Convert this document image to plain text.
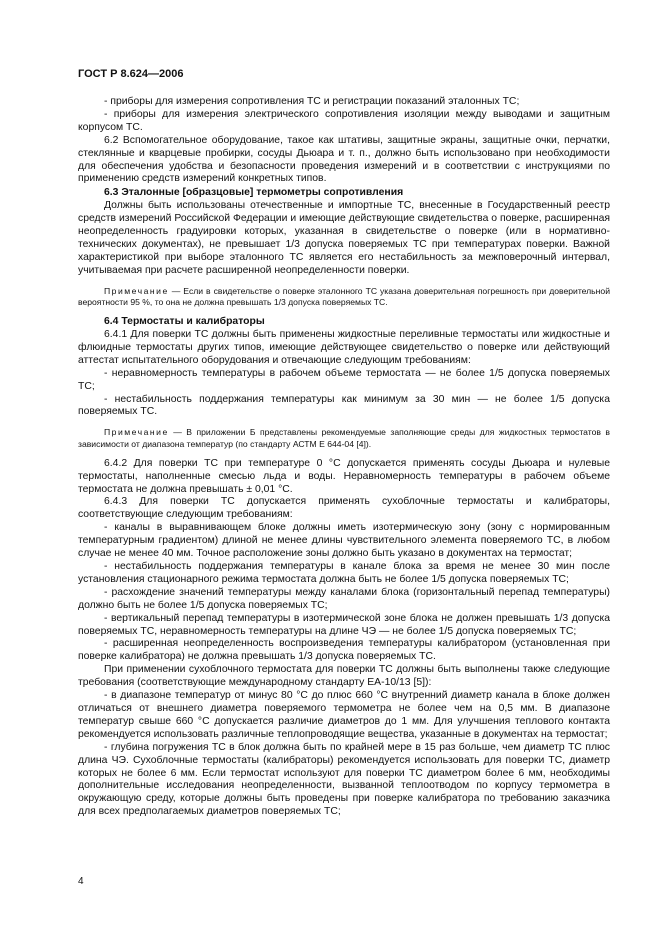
ГОСТ Р 8.624—2006

- приборы для измерения сопротивления ТС и регистрации показаний эталонных ТС;

- приборы для измерения электрического сопротивления изоляции между выводами и защитным корпусом ТС.

6.2 Вспомогательное оборудование, такое как штативы, защитные экраны, защитные очки, перчатки, стеклянные и кварцевые пробирки, сосуды Дьюара и т. п., должно быть использовано при необходимости для обеспечения удобства и безопасности проведения измерений и в соответствии с инструкциями по применению средств измерений конкретных типов.

6.3 Эталонные [образцовые] термометры сопротивления

Должны быть использованы отечественные и импортные ТС, внесенные в Государственный реестр средств измерений Российской Федерации и имеющие действующие свидетельства о поверке, расширенная неопределенность градуировки которых, указанная в свидетельстве о поверке (или в нормативно-технических документах), не превышает 1/3 допуска поверяемых ТС при температурах поверки. Важной характеристикой при выборе эталонного ТС является его нестабильность за межповерочный интервал, учитываемая при расчете расширенной неопределенности поверки.

Примечание — Если в свидетельстве о поверке эталонного ТС указана доверительная погрешность при доверительной вероятности 95 %, то она не должна превышать 1/3 допуска поверяемых ТС.

6.4 Термостаты и калибраторы

6.4.1 Для поверки ТС должны быть применены жидкостные переливные термостаты или жидкостные и флюидные термостаты других типов, имеющие действующее свидетельство о поверке или действующий аттестат испытательного оборудования и отвечающие следующим требованиям:

- неравномерность температуры в рабочем объеме термостата — не более 1/5 допуска поверяемых ТС;

- нестабильность поддержания температуры как минимум за 30 мин — не более 1/5 допуска поверяемых ТС.

Примечание — В приложении Б представлены рекомендуемые заполняющие среды для жидкостных термостатов в зависимости от диапазона температур (по стандарту АСТМ Е 644-04 [4]).

6.4.2 Для поверки ТС при температуре 0 °С допускается применять сосуды Дьюара и нулевые термостаты, наполненные смесью льда и воды. Неравномерность температуры в рабочем объеме термостата не должна превышать ± 0,01 °С.

6.4.3 Для поверки ТС допускается применять сухоблочные термостаты и калибраторы, соответствующие следующим требованиям:

- каналы в выравнивающем блоке должны иметь изотермическую зону (зону с нормированным температурным градиентом) длиной не менее длины чувствительного элемента поверяемого ТС, в любом случае не менее 40 мм. Точное расположение зоны должно быть указано в документах на термостат;

- нестабильность поддержания температуры в канале блока за время не менее 30 мин после установления стационарного режима термостата должна быть не более 1/5 допуска поверяемых ТС;

- расхождение значений температуры между каналами блока (горизонтальный перепад температуры) должно быть не более 1/5 допуска поверяемых ТС;

- вертикальный перепад температуры в изотермической зоне блока не должен превышать 1/3 допуска поверяемых ТС, неравномерность температуры на длине ЧЭ — не более 1/5 допуска поверяемых ТС;

- расширенная неопределенность воспроизведения температуры калибратором (установленная при поверке калибратора) не должна превышать 1/3 допуска поверяемых ТС.

При применении сухоблочного термостата для поверки ТС должны быть выполнены также следующие требования (соответствующие международному стандарту ЕА-10/13 [5]):

- в диапазоне температур от минус 80 °С до плюс 660 °С внутренний диаметр канала в блоке должен отличаться от внешнего диаметра поверяемого термометра не более чем на 0,5 мм. В диапазоне температур свыше 660 °С допускается различие диаметров до 1 мм. Для улучшения теплового контакта рекомендуется использовать различные теплопроводящие вещества, указанные в документах на термостат;

- глубина погружения ТС в блок должна быть по крайней мере в 15 раз больше, чем диаметр ТС плюс длина ЧЭ. Сухоблочные термостаты (калибраторы) рекомендуется использовать для поверки ТС, диаметр которых не более 6 мм. Если термостат используют для поверки ТС диаметром более 6 мм, необходимы дополнительные исследования неопределенности, вызванной теплоотводом по корпусу термометра в окружающую среду, которые должны быть проведены при поверке калибратора по требованию заказчика для всех предполагаемых диаметров поверяемых ТС;

4
